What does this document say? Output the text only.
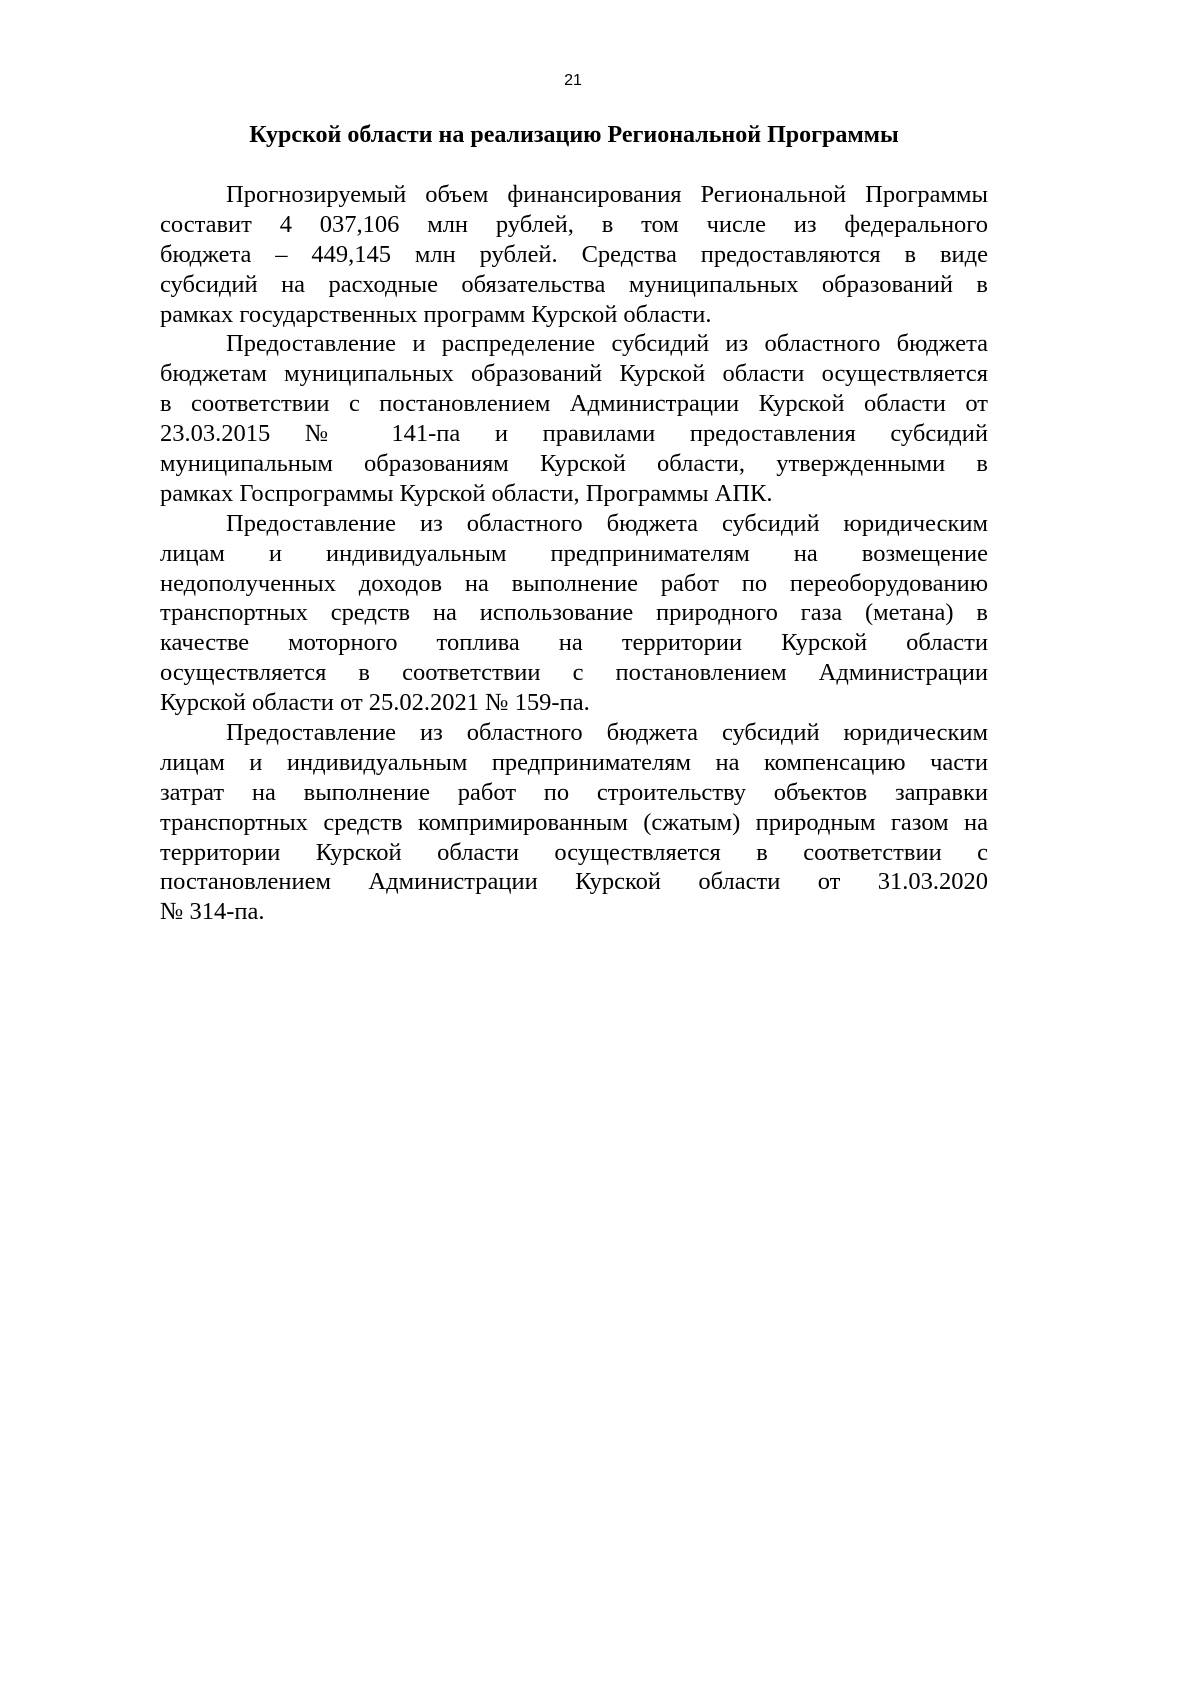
21
Курской области на реализацию Региональной Программы
Прогнозируемый объем финансирования Региональной Программы
составит 4 037,106 млн рублей, в том числе из федерального
бюджета – 449,145 млн рублей. Средства предоставляются в виде
субсидий на расходные обязательства муниципальных образований в
рамках государственных программ Курской области.
Предоставление и распределение субсидий из областного бюджета
бюджетам муниципальных образований Курской области осуществляется
в соответствии с постановлением Администрации Курской области от
23.03.2015 № 141-па и правилами предоставления субсидий
муниципальным образованиям Курской области, утвержденными в
рамках Госпрограммы Курской области, Программы АПК.
Предоставление из областного бюджета субсидий юридическим
лицам и индивидуальным предпринимателям на возмещение
недополученных доходов на выполнение работ по переоборудованию
транспортных средств на использование природного газа (метана) в
качестве моторного топлива на территории Курской области
осуществляется в соответствии с постановлением Администрации
Курской области от 25.02.2021 № 159-па.
Предоставление из областного бюджета субсидий юридическим
лицам и индивидуальным предпринимателям на компенсацию части
затрат на выполнение работ по строительству объектов заправки
транспортных средств компримированным (сжатым) природным газом на
территории Курской области осуществляется в соответствии с
постановлением Администрации Курской области от 31.03.2020
№ 314-па.
